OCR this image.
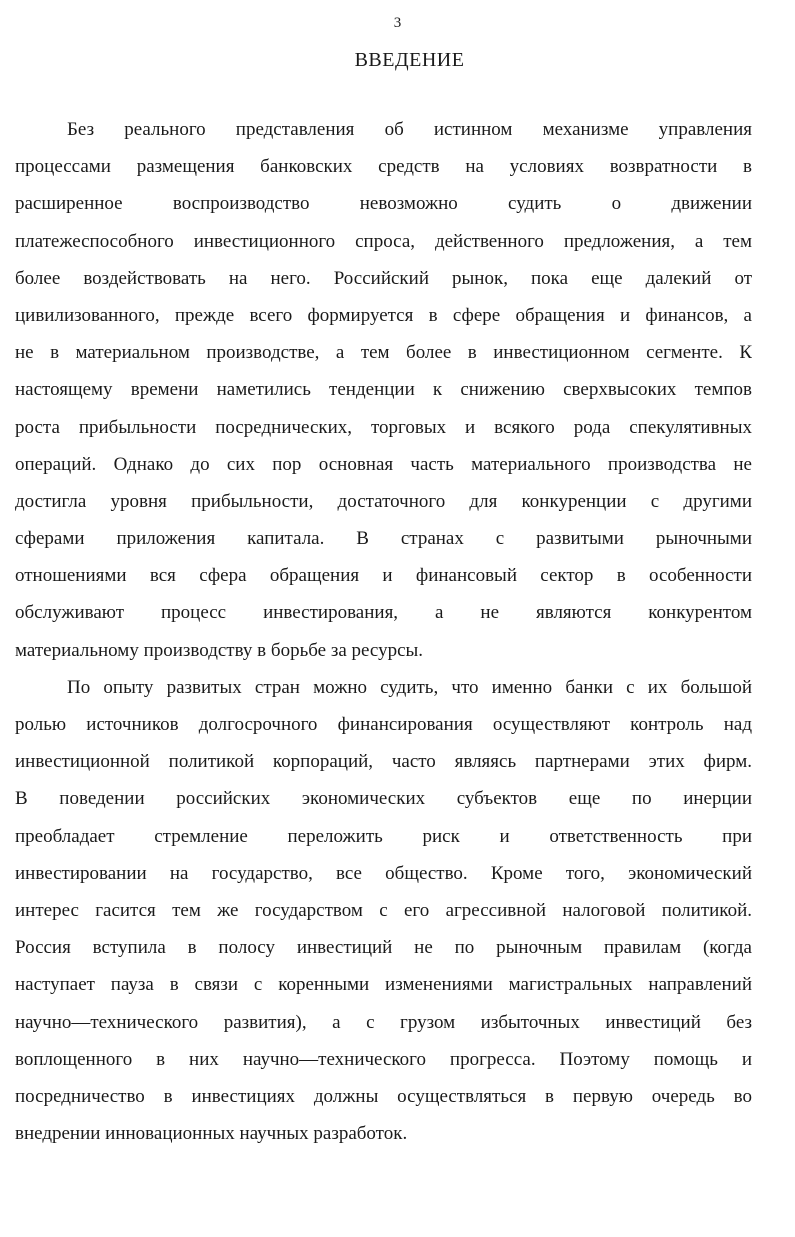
3
ВВЕДЕНИЕ
Без реального представления об истинном механизме управления
процессами размещения банковских средств на условиях возвратности в
расширенное воспроизводство невозможно судить о движении
платежеспособного инвестиционного спроса, действенного предложения, а тем
более воздействовать на него. Российский рынок, пока еще далекий от
цивилизованного, прежде всего формируется в сфере обращения и финансов, а
не в материальном производстве, а тем более в инвестиционном сегменте. К
настоящему времени наметились тенденции к снижению сверхвысоких темпов
роста прибыльности посреднических, торговых и всякого рода спекулятивных
операций. Однако до сих пор основная часть материального производства не
достигла уровня прибыльности, достаточного для конкуренции с другими
сферами приложения капитала. В странах с развитыми рыночными
отношениями вся сфера обращения и финансовый сектор в особенности
обслуживают процесс инвестирования, а не являются конкурентом
материальному производству в борьбе за ресурсы.
По опыту развитых стран можно судить, что именно банки с их большой
ролью источников долгосрочного финансирования осуществляют контроль над
инвестиционной политикой корпораций, часто являясь партнерами этих фирм.
В поведении российских экономических субъектов еще по инерции
преобладает стремление переложить риск и ответственность при
инвестировании на государство, все общество. Кроме того, экономический
интерес гасится тем же государством с его агрессивной налоговой политикой.
Россия вступила в полосу инвестиций не по рыночным правилам (когда
наступает пауза в связи с коренными изменениями магистральных направлений
научно—технического развития), а с грузом избыточных инвестиций без
воплощенного в них научно—технического прогресса. Поэтому помощь и
посредничество в инвестициях должны осуществляться в первую очередь во
внедрении инновационных научных разработок.
